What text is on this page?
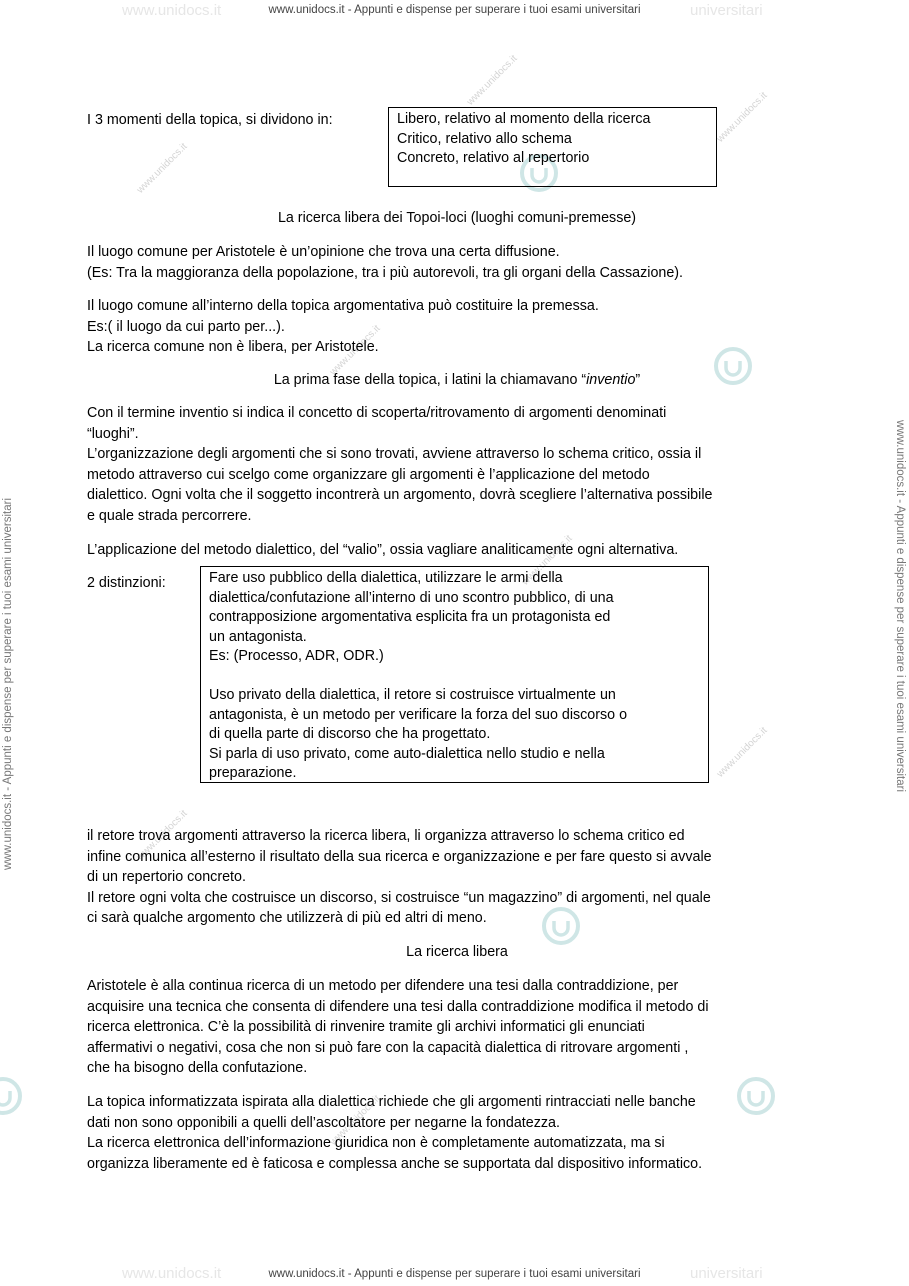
www.unidocs.it	universitari
www.unidocs.it - Appunti e dispense per superare i tuoi esami universitari
www.unidocs.it	universitari
www.unidocs.it - Appunti e dispense per superare i tuoi esami universitari
www.unidocs.it - Appunti e dispense per superare i tuoi esami universitari	www.unidocs.it - Appunti e dispense per superare i tuoi esami universitari
www.unidocs.it
www.unidocs.it
www.unidocs.it
www.unidocs.it
www.unidocs.it
www.unidocs.it
www.unidocs.it
www.unidocs.it
I 3 momenti della topica, si dividono in:	Libero, relativo al momento della ricerca
Critico, relativo allo schema
Concreto, relativo al repertorio
La ricerca libera dei Topoi-loci (luoghi comuni-premesse)
Il luogo comune per Aristotele è un’opinione che trova una certa diffusione.
(Es: Tra la maggioranza della popolazione, tra i più autorevoli, tra gli organi della Cassazione).
Il luogo comune all’interno della topica argomentativa può costituire la premessa.
Es:( il luogo da cui parto per...).
La ricerca comune non è libera, per Aristotele.
La prima fase della topica, i latini la chiamavano “inventio”
Con il termine inventio si indica il concetto di scoperta/ritrovamento di argomenti denominati
“luoghi”.
L’organizzazione degli argomenti che si sono trovati, avviene attraverso lo schema critico, ossia il
metodo attraverso cui scelgo come organizzare gli argomenti è l’applicazione del metodo
dialettico. Ogni volta che il soggetto incontrerà un argomento, dovrà scegliere l’alternativa possibile
e quale strada percorrere.
L’applicazione del metodo dialettico, del “valio”, ossia vagliare analiticamente ogni alternativa.
2 distinzioni:	Fare uso pubblico della dialettica, utilizzare le armi della
dialettica/confutazione all’interno di uno scontro pubblico, di una
contrapposizione argomentativa esplicita fra un protagonista ed
un antagonista.
Es: (Processo, ADR, ODR.)
Uso privato della dialettica, il retore si costruisce virtualmente un
antagonista, è un metodo per verificare la forza del suo discorso o
di quella parte di discorso che ha progettato.
Si parla di uso privato, come auto-dialettica nello studio e nella
preparazione.
il retore trova argomenti attraverso la ricerca libera, li organizza attraverso lo schema critico ed
infine comunica all’esterno il risultato della sua ricerca e organizzazione e per fare questo si avvale
di un repertorio concreto.
Il retore ogni volta che costruisce un discorso, si costruisce “un magazzino” di argomenti, nel quale
ci sarà qualche argomento che utilizzerà di più ed altri di meno.
La ricerca libera
Aristotele è alla continua ricerca di un metodo per difendere una tesi dalla contraddizione, per
acquisire una tecnica che consenta di difendere una tesi dalla contraddizione modifica il metodo di
ricerca elettronica. C’è la possibilità di rinvenire tramite gli archivi informatici gli enunciati
affermativi o negativi, cosa che non si può fare con la capacità dialettica di ritrovare argomenti ,
che ha bisogno della confutazione.
La topica informatizzata ispirata alla dialettica richiede che gli argomenti rintracciati nelle banche
dati non sono opponibili a quelli dell’ascoltatore per negarne la fondatezza.
La ricerca elettronica dell’informazione giuridica non è completamente automatizzata, ma si
organizza liberamente ed è faticosa e complessa anche se supportata dal dispositivo informatico.
